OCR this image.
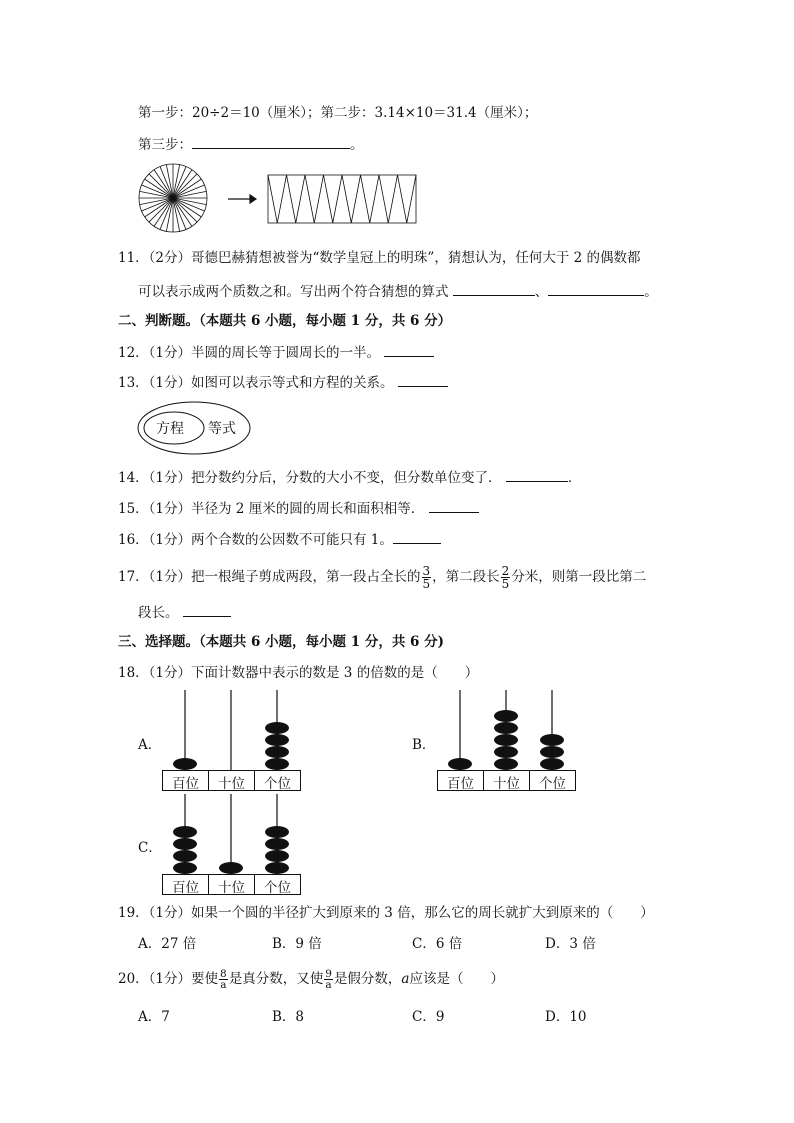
第一步：20÷2＝10（厘米）；第二步：3.14×10＝31.4（厘米）；
第三步：	。
11．（2分）哥德巴赫猜想被誉为“数学皇冠上的明珠”，猜想认为，任何大于 2 的偶数都
可以表示成两个质数之和。写出两个符合猜想的算式	、	。
二、判断题。（本题共 6 小题，每小题 1 分，共 6 分）
12．（1分）半圆的周长等于圆周长的一半。
13．（1分）如图可以表示等式和方程的关系。
方程 等式
14．（1分）把分数约分后，分数的大小不变，但分数单位变了．	．
15．（1分）半径为 2 厘米的圆的周长和面积相等．
16．（1分）两个合数的公因数不可能只有 1。
17．（1分）把一根绳子剪成两段，第一段占全长的 $\frac{3}{5}$ ，第二段长 $\frac{2}{5}$ 分米，则第一段比第二
段长。
三、选择题。（本题共 6 小题，每小题 1 分，共 6 分)
18．（1分）下面计数器中表示的数是 3 的倍数的是（　　）
A．
百位 十位 个位
B．
百位 十位 个位
C．
百位 十位 个位
19．（1分）如果一个圆的半径扩大到原来的 3 倍，那么它的周长就扩大到原来的（　　）
A．27 倍	B．9 倍	C．6 倍	D．3 倍
20．（1分）要使 $\frac{8}{a}$ 是真分数，又使 $\frac{9}{a}$ 是假分数，a应该是（　　）
A．7	B．8	C．9	D．10
